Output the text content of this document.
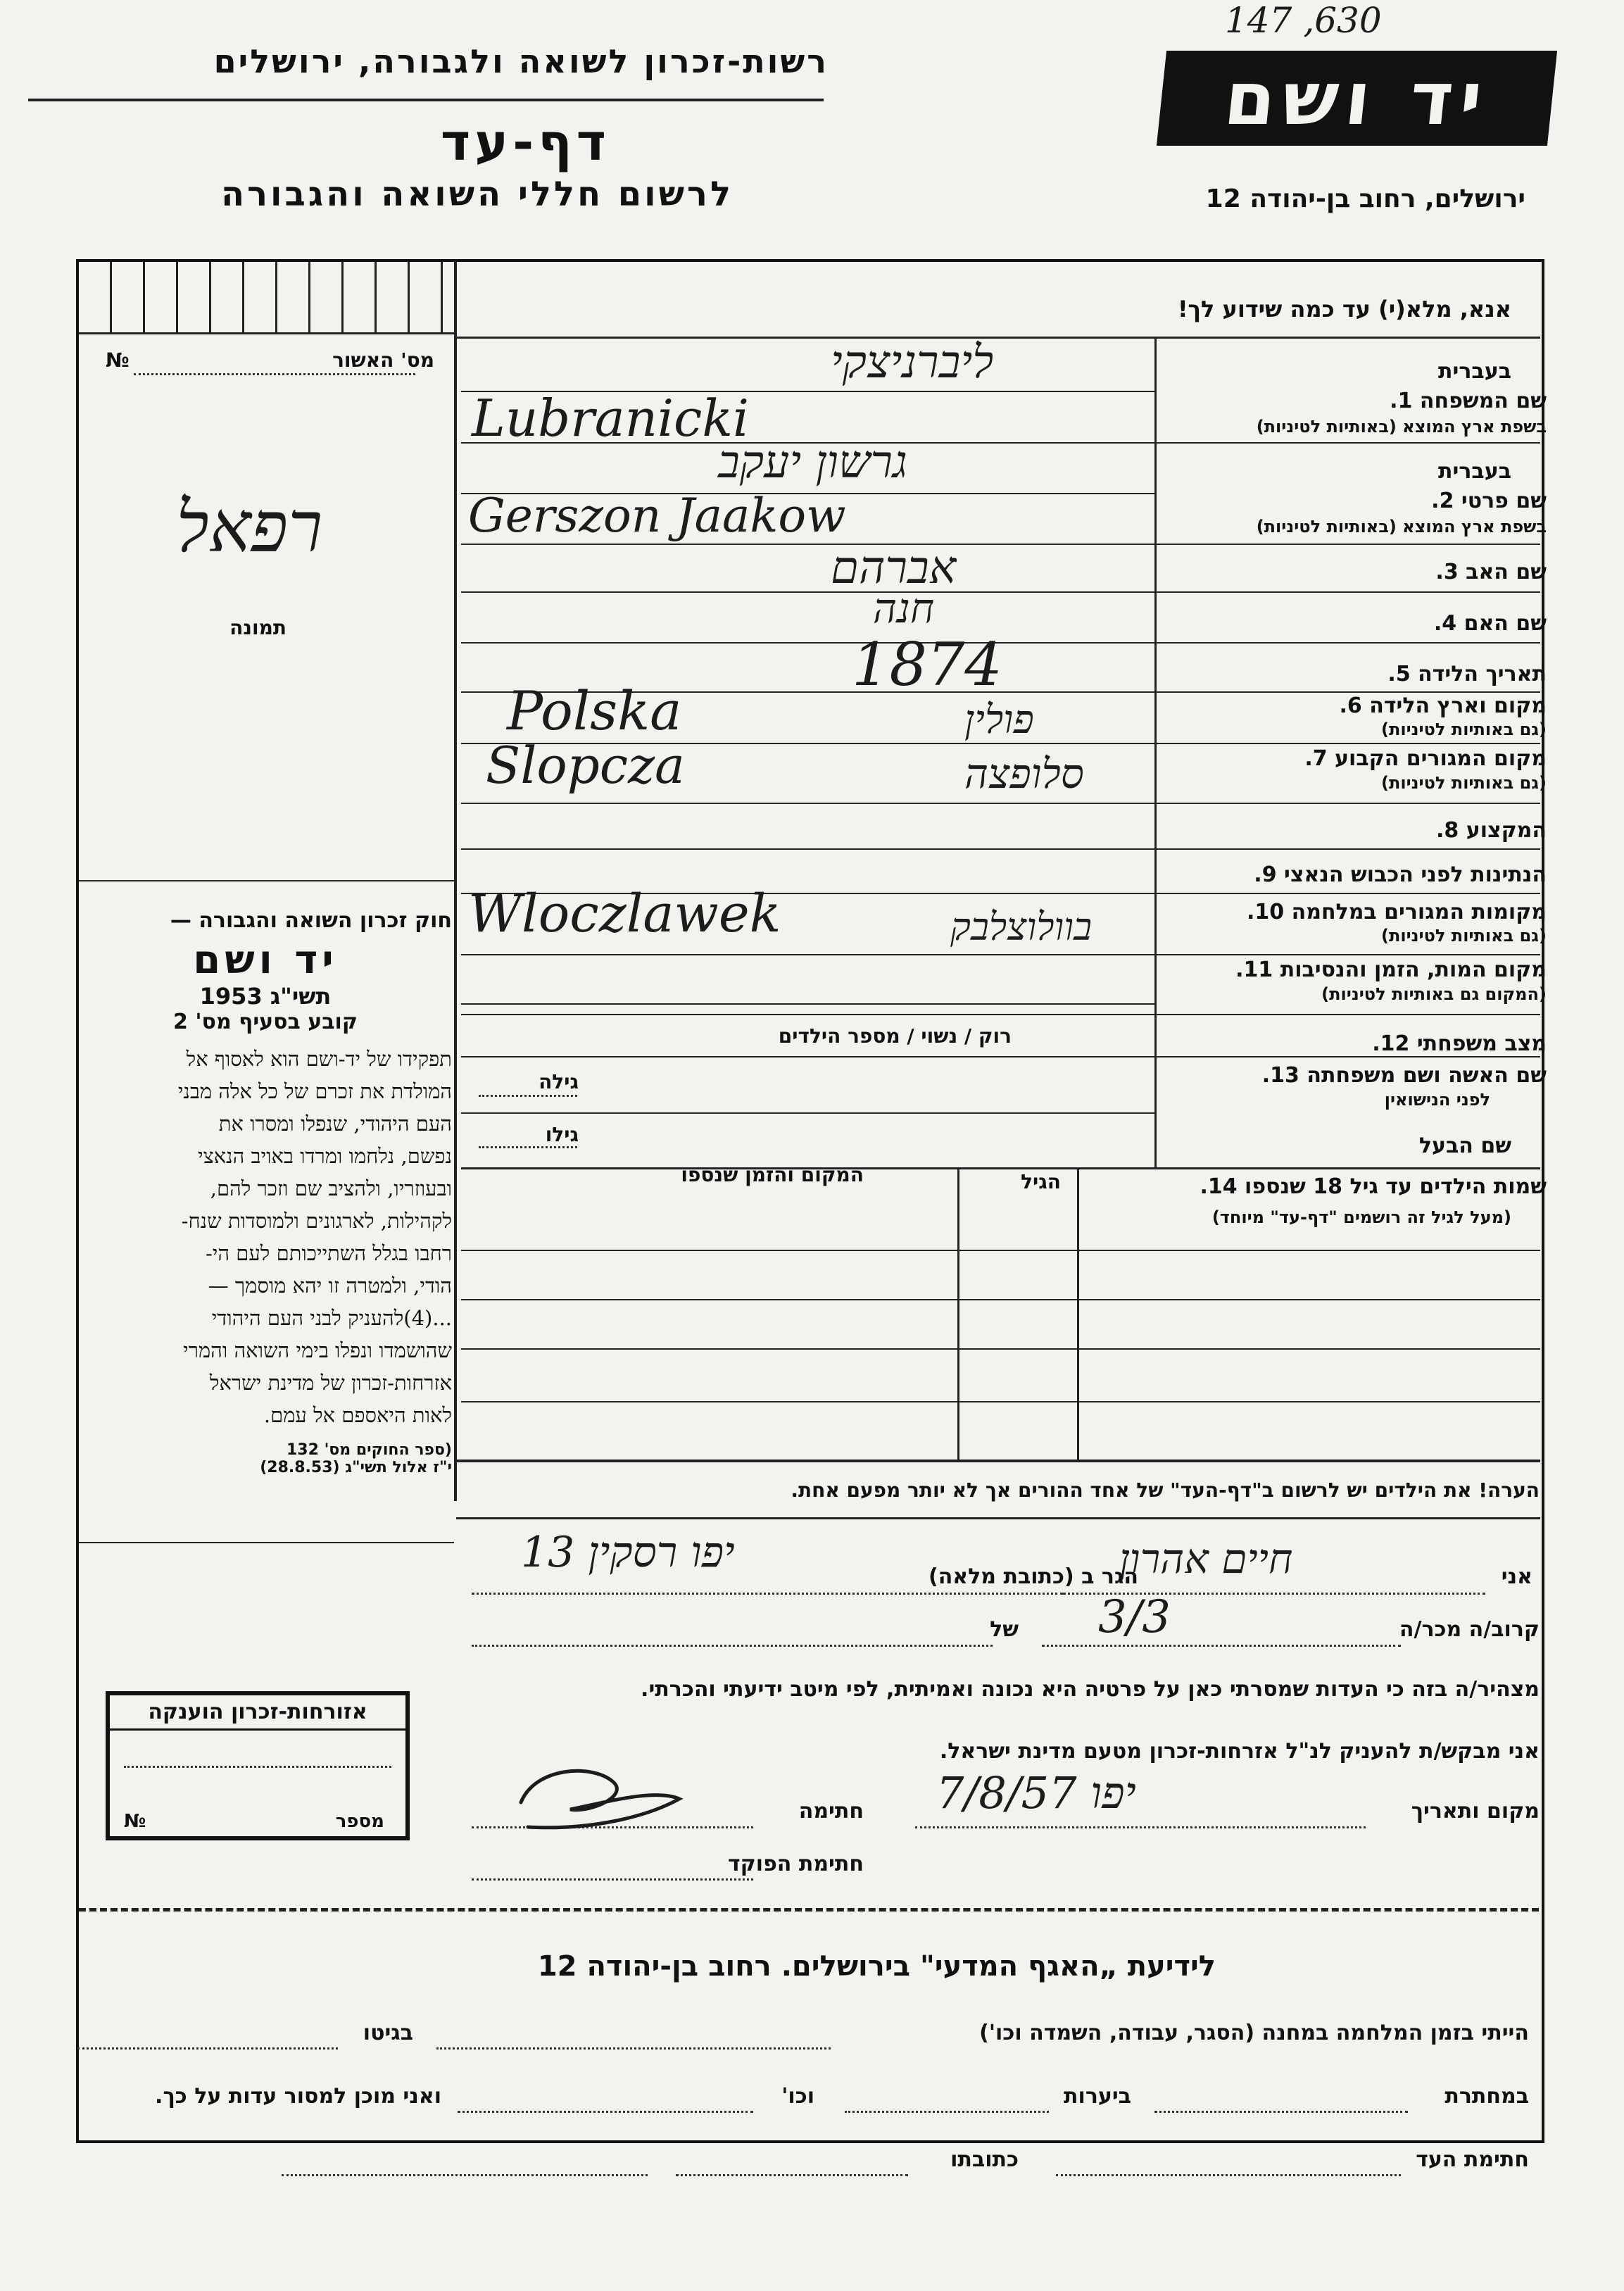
630, 147
יד ושם
רשות-זכרון לשואה ולגבורה, ירושלים
דף-עד
לרשום חללי השואה והגבורה	ירושלים, רחוב בן-יהודה 12
מס' האשור
№
רפאל
תמונה
חוק זכרון השואה והגבורה —
יד ושם
תשי"ג 1953
קובע בסעיף מס' 2
תפקידו של יד-ושם הוא לאסוף אל
המולדת את זכרם של כל אלה מבני
העם היהודי, שנפלו ומסרו את
נפשם, נלחמו ומרדו באויב הנאצי
ובעוזריו, ולהציב שם וזכר להם,
לקהילות, לארגונים ולמוסדות שנח-
רחבו בגלל השתייכותם לעם הי-
הודי, ולמטרה זו יהא מוסמך —
...(4)להעניק לבני העם היהודי
שהושמדו ונפלו בימי השואה והמרי
אזרחות-זכרון של מדינת ישראל
לאות היאספם אל עמם.
(ספר החוקים מס' 132
י"ז אלול תשי"ג (28.8.53)
אנא, מלא(י) עד כמה שידוע לך!
בעברית
שם המשפחה 1.
בשפת ארץ המוצא (באותיות לטיניות)
ליברניצקי
Lubranicki
בעברית
שם פרטי 2.
בשפת ארץ המוצא (באותיות לטיניות)
גרשון יעקב
Gerszon Jaakow
שם האב 3.
אברהם
שם האם 4.
חנה
תאריך הלידה 5.
1874
מקום וארץ הלידה 6.
(גם באותיות לטיניות)
Polska	פולין
מקום המגורים הקבוע 7.
(גם באותיות לטיניות)
Slopcza	סלופצה
המקצוע 8.
הנתינות לפני הכבוש הנאצי 9.
מקומות המגורים במלחמה 10.
(גם באותיות לטיניות)
Wloczlawek	בוולוצלבק
מקום המות, הזמן והנסיבות 11.
(המקום גם באותיות לטיניות)
מצב משפחתי 12.
רוק / נשוי / מספר הילדים
שם האשה ושם משפחתה 13.
לפני הנישואין
גילה
גילו	שם הבעל
שמות הילדים עד גיל 18 שנספו 14.
(מעל לגיל זה רושמים "דף-עד" מיוחד)
הגיל
המקום והזמן שנספו
הערה! את הילדים יש לרשום ב"דף-העד" של אחד ההורים אך לא יותר מפעם אחת.
אני
חיים אהרון
הגר ב (כתובת מלאה)
יפו רסקין 13
קרוב/ה מכר/ה
3/3
של
מצהיר/ה בזה כי העדות שמסרתי כאן על פרטיה היא נכונה ואמיתית, לפי מיטב ידיעתי והכרתי.
אני מבקש/ת להעניק לנ"ל אזרחות-זכרון מטעם מדינת ישראל.
מקום ותאריך
יפו 7/8/57
חתימה
חתימת הפוקד
אזורחות-זכרון הוענקה
מספר
№
לידיעת „האגף המדעי" בירושלים. רחוב בן-יהודה 12
הייתי בזמן המלחמה במחנה (הסגר, עבודה, השמדה וכו')
בגיטו
במחתרת
ביערות
וכו'
ואני מוכן למסור עדות על כך.
חתימת העד
כתובתו
